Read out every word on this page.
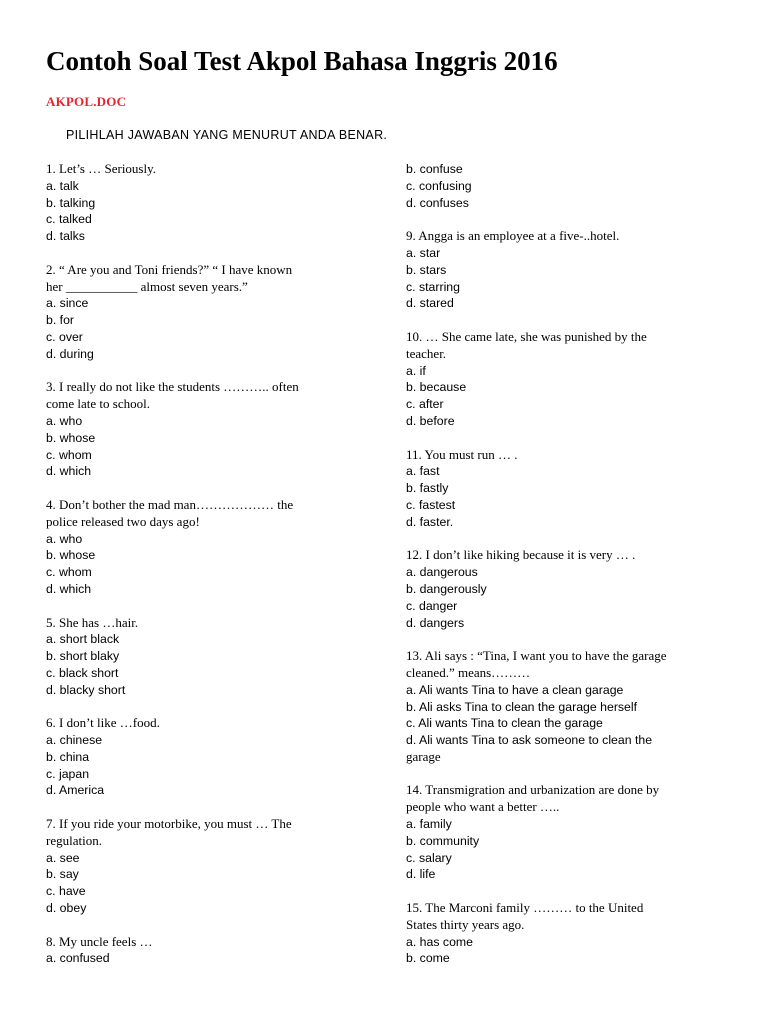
Contoh Soal Test Akpol Bahasa Inggris 2016
AKPOL.DOC
PILIHLAH JAWABAN YANG MENURUT ANDA BENAR.

1. Let’s … Seriously.

a. talk

b. talking

c. talked

d. talks

2. “ Are you and Toni friends?” “ I have known

her ___________ almost seven years.”

a. since

b. for

c. over

d. during

3. I really do not like the students ……….. often

come late to school.

a. who

b. whose

c. whom

d. which

4. Don’t bother the mad man……………… the

police released two days ago!

a. who

b. whose

c. whom

d. which

5. She has …hair.

a. short black

b. short blaky

c. black short

d. blacky short

6. I don’t like …food.

a. chinese

b. china

c. japan

d. America

7. If you ride your motorbike, you must … The

regulation.

a. see

b. say

c. have

d. obey

8. My uncle feels …

a. confused

b. confuse

c. confusing

d. confuses

9. Angga is an employee at a five-..hotel.

a. star

b. stars

c. starring

d. stared

10. … She came late, she was punished by the

teacher.

a. if

b. because

c. after

d. before

11. You must run … .

a. fast

b. fastly

c. fastest

d. faster.

12. I don’t like hiking because it is very … .

a. dangerous

b. dangerously

c. danger

d. dangers

13. Ali says : “Tina, I want you to have the garage

cleaned.” means………

a. Ali wants Tina to have a clean garage

b. Ali asks Tina to clean the garage herself

c. Ali wants Tina to clean the garage

d. Ali wants Tina to ask someone to clean the

garage

14. Transmigration and urbanization are done by

people who want a better …..

a. family

b. community

c. salary

d. life

15. The Marconi family ……… to the United

States thirty years ago.

a. has come

b. come
